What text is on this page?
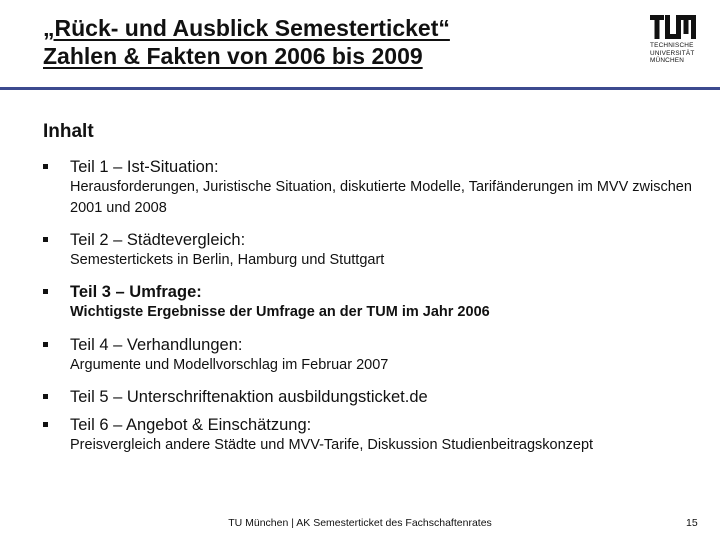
„Rück- und Ausblick Semesterticket“
Zahlen & Fakten von 2006 bis 2009	TECHNISCHE
UNIVERSITÄT
MÜNCHEN
Inhalt
Teil 1 – Ist-Situation:
Herausforderungen, Juristische Situation, diskutierte Modelle, Tarifänderungen im MVV zwischen 2001 und 2008
Teil 2 – Städtevergleich:
Semestertickets in Berlin, Hamburg und Stuttgart
Teil 3 – Umfrage:
Wichtigste Ergebnisse der Umfrage an der TUM im Jahr 2006
Teil 4 – Verhandlungen:
Argumente und Modellvorschlag im Februar 2007
Teil 5 – Unterschriftenaktion ausbildungsticket.de
Teil 6 – Angebot & Einschätzung:
Preisvergleich andere Städte und MVV-Tarife, Diskussion Studienbeitragskonzept
TU München | AK Semesterticket des Fachschaftenrates	15
